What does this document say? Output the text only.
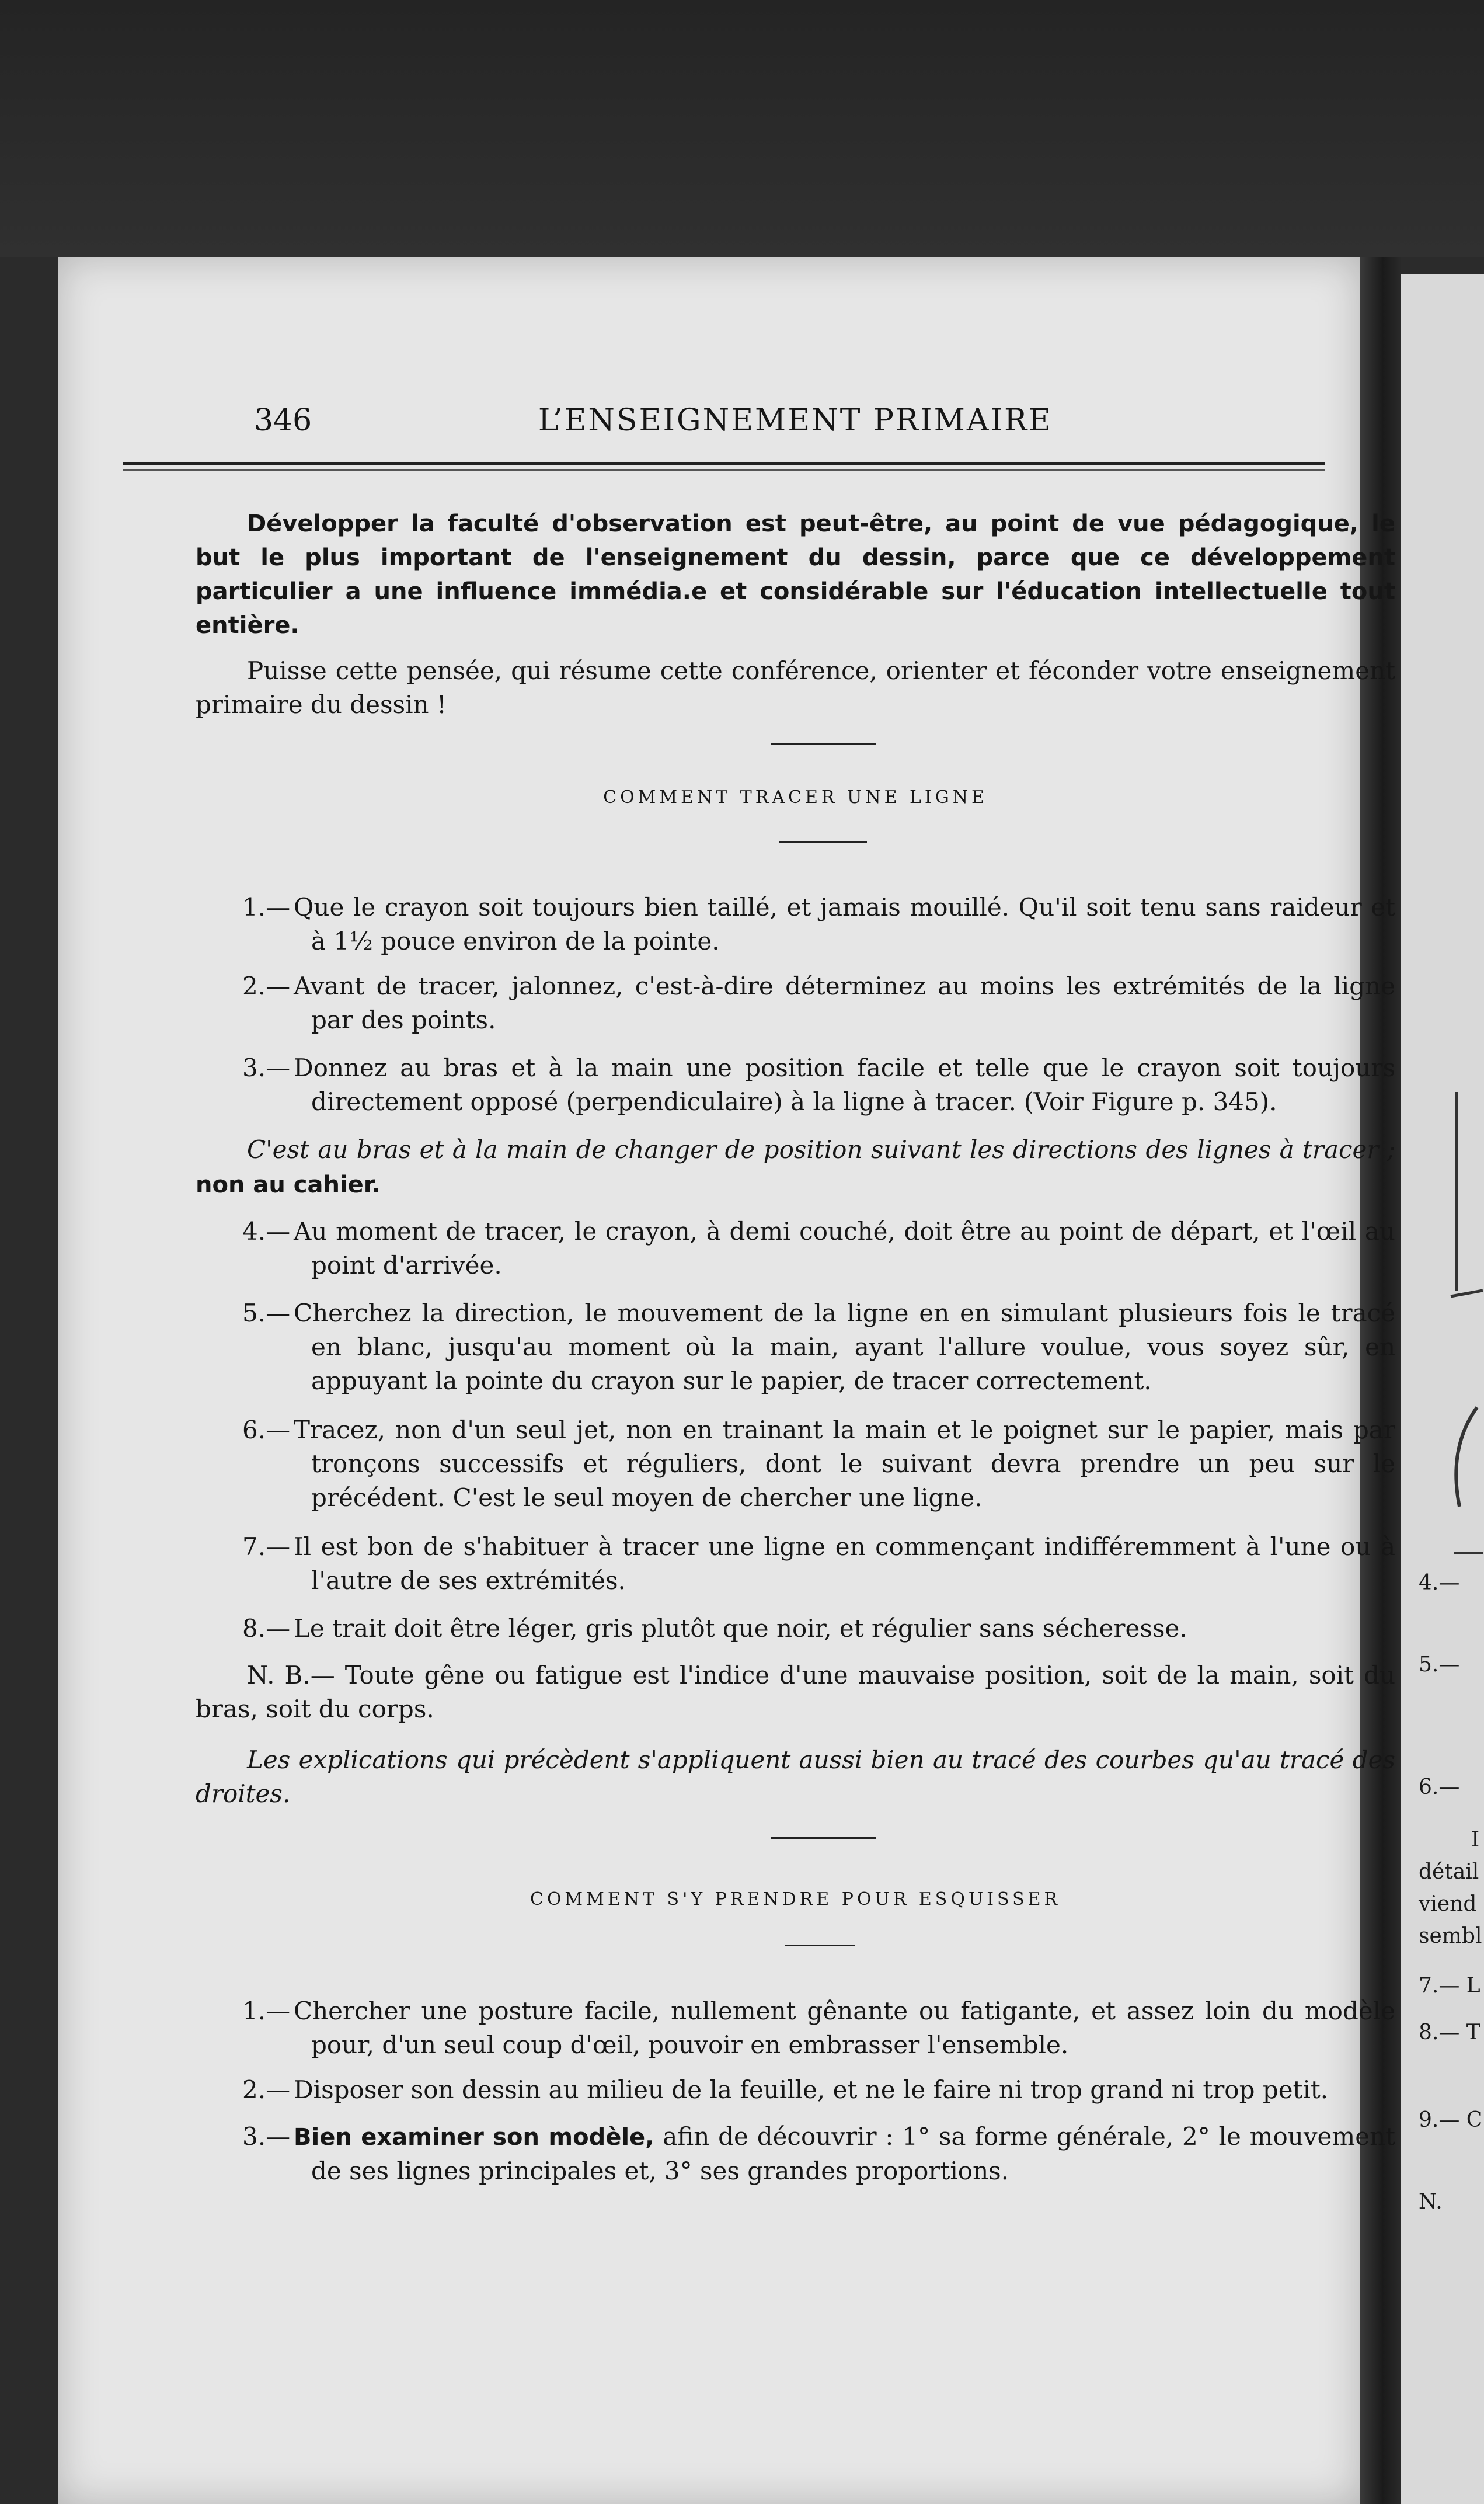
4.—
5.—
6.—
I
détail
viend
sembl
7.— L
8.— T
9.— C
N.
346	L’ENSEIGNEMENT PRIMAIRE

Développer la faculté d'observation est peut-être, au point de vue pédagogique, le but le plus important de l'enseignement du dessin, parce que ce développement particulier a une influence immédia.e et considérable sur l'éducation intellectuelle tout entière.

Puisse cette pensée, qui résume cette conférence, orienter et féconder votre enseignement primaire du dessin !

COMMENT TRACER UNE LIGNE
1.— Que le crayon soit toujours bien taillé, et jamais mouillé. Qu'il soit tenu sans raideur et à 1½ pouce environ de la pointe.
2.— Avant de tracer, jalonnez, c'est-à-dire déterminez au moins les extrémités de la ligne par des points.
3.— Donnez au bras et à la main une position facile et telle que le crayon soit toujours directement opposé (perpendiculaire) à la ligne à tracer. (Voir Figure p. 345).

C'est au bras et à la main de changer de position suivant les directions des lignes à tracer ; non au cahier.

4.— Au moment de tracer, le crayon, à demi couché, doit être au point de départ, et l'œil au point d'arrivée.
5.— Cherchez la direction, le mouvement de la ligne en en simulant plusieurs fois le tracé en blanc, jusqu'au moment où la main, ayant l'allure voulue, vous soyez sûr, en appuyant la pointe du crayon sur le papier, de tracer correctement.
6.— Tracez, non d'un seul jet, non en trainant la main et le poignet sur le papier, mais par tronçons successifs et réguliers, dont le suivant devra prendre un peu sur le précédent. C'est le seul moyen de chercher une ligne.
7.— Il est bon de s'habituer à tracer une ligne en commençant indifféremment à l'une ou à l'autre de ses extrémités.
8.— Le trait doit être léger, gris plutôt que noir, et régulier sans sécheresse.

N. B.— Toute gêne ou fatigue est l'indice d'une mauvaise position, soit de la main, soit du bras, soit du corps.

Les explications qui précèdent s'appliquent aussi bien au tracé des courbes qu'au tracé des droites.

COMMENT S'Y PRENDRE POUR ESQUISSER
1.— Chercher une posture facile, nullement gênante ou fatigante, et assez loin du modèle pour, d'un seul coup d'œil, pouvoir en embrasser l'ensemble.
2.— Disposer son dessin au milieu de la feuille, et ne le faire ni trop grand ni trop petit.
3.— Bien examiner son modèle, afin de découvrir : 1° sa forme générale, 2° le mouvement de ses lignes principales et, 3° ses grandes proportions.
